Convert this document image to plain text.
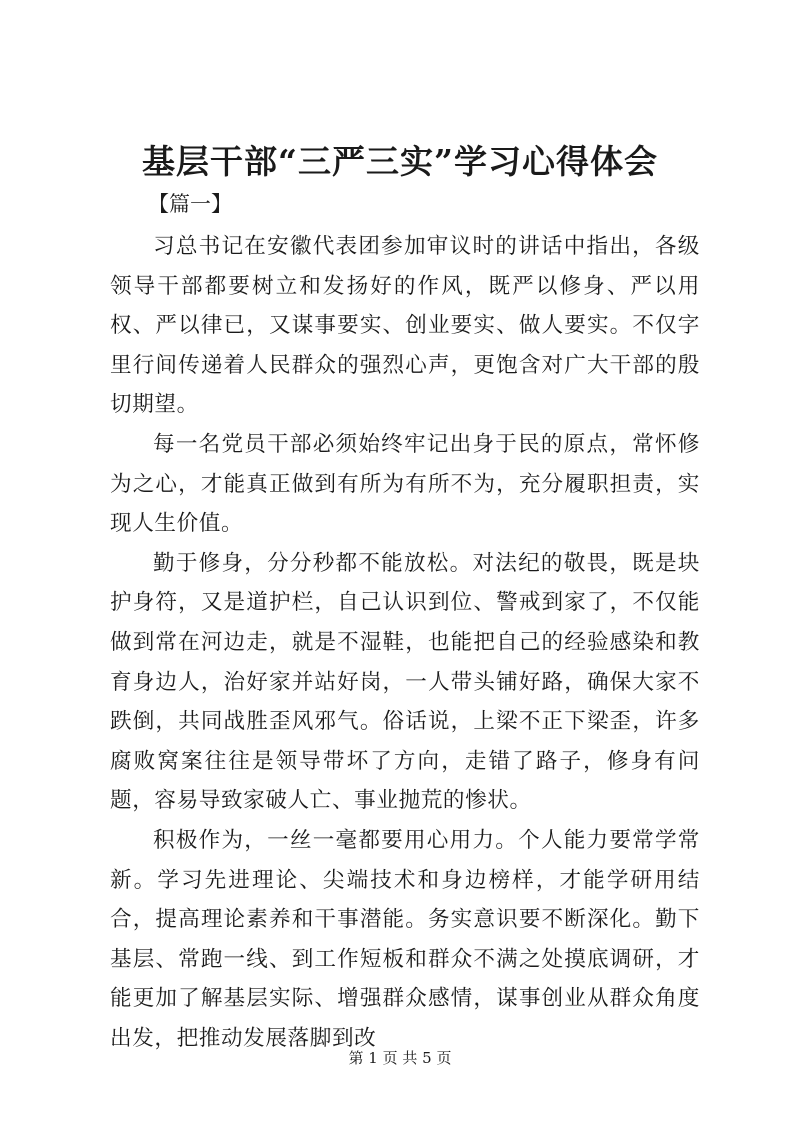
基层干部“三严三实”学习心得体会
【篇一】

习总书记在安徽代表团参加审议时的讲话中指出，各级领导干部都要树立和发扬好的作风，既严以修身、严以用权、严以律已，又谋事要实、创业要实、做人要实。不仅字里行间传递着人民群众的强烈心声，更饱含对广大干部的殷切期望。

每一名党员干部必须始终牢记出身于民的原点，常怀修为之心，才能真正做到有所为有所不为，充分履职担责，实现人生价值。

勤于修身，分分秒都不能放松。对法纪的敬畏，既是块护身符，又是道护栏，自己认识到位、警戒到家了，不仅能做到常在河边走，就是不湿鞋，也能把自己的经验感染和教育身边人，治好家并站好岗，一人带头铺好路，确保大家不跌倒，共同战胜歪风邪气。俗话说，上梁不正下梁歪，许多腐败窝案往往是领导带坏了方向，走错了路子，修身有问题，容易导致家破人亡、事业抛荒的惨状。

积极作为，一丝一毫都要用心用力。个人能力要常学常新。学习先进理论、尖端技术和身边榜样，才能学研用结合，提高理论素养和干事潜能。务实意识要不断深化。勤下基层、常跑一线、到工作短板和群众不满之处摸底调研，才能更加了解基层实际、增强群众感情，谋事创业从群众角度出发，把推动发展落脚到改

第 1 页 共 5 页
